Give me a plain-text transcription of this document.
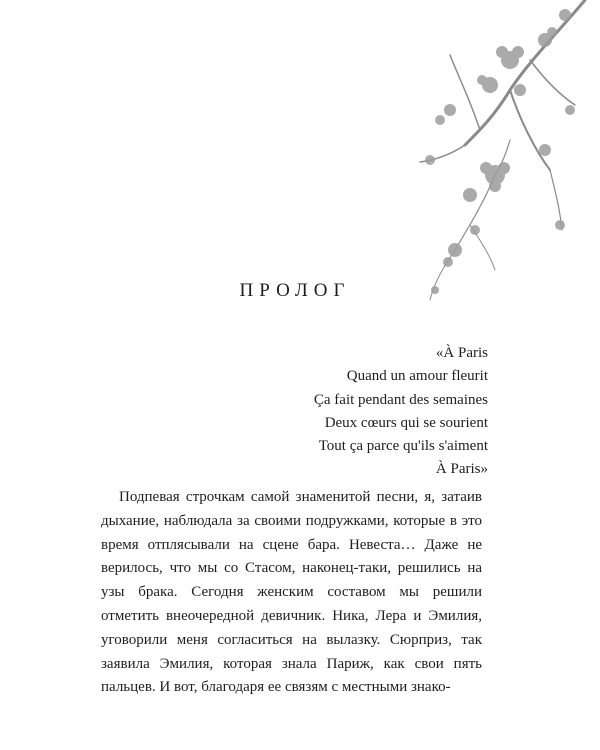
ПРОЛОГ
«À Paris
Quand un amour fleurit
Ça fait pendant des semaines
Deux cœurs qui se sourient
Tout ça parce qu'ils s'aiment
À Paris»

Подпевая строчкам самой знаменитой песни, я, затаив дыхание, наблюдала за своими подружками, которые в это время отплясывали на сцене бара. Невеста… Даже не верилось, что мы со Стасом, наконец-таки, решились на узы брака. Сегодня женским составом мы решили отметить внеочередной девичник. Ника, Лера и Эмилия, уговорили меня согласиться на вылазку. Сюрприз, так заявила Эмилия, которая знала Париж, как свои пять пальцев. И вот, благодаря ее связям с местными знако-
